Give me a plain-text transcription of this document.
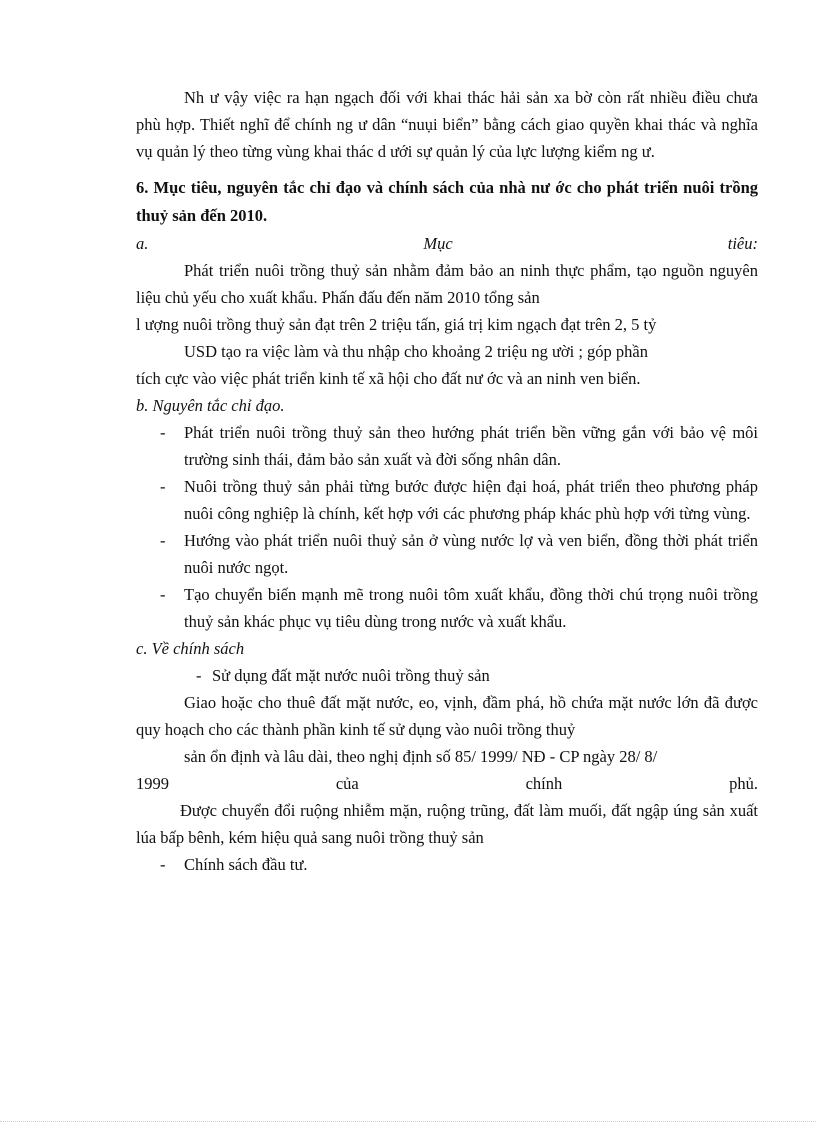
Nh ư vậy việc ra hạn ngạch đối với khai thác hải sản xa bờ còn rất nhiều điều chưa phù hợp. Thiết nghĩ để chính ng ư dân “nuụi biển” bằng cách giao quyền khai thác và nghĩa vụ quản lý theo từng vùng khai thác d ưới sự quản lý của lực lượng kiểm ng ư.

6. Mục tiêu, nguyên tắc chỉ đạo và chính sách của nhà nư ớc cho phát triển nuôi trồng thuỷ sản đến 2010.

a. Mục tiêu:

Phát triển nuôi trồng thuỷ sản nhằm đảm bảo an ninh thực phẩm, tạo nguồn nguyên liệu chủ yếu cho xuất khẩu. Phấn đấu đến năm 2010 tổng sản

l ượng nuôi trồng thuỷ sản đạt trên 2 triệu tấn, giá trị kim ngạch đạt trên 2, 5 tỷ
USD tạo ra việc làm và thu nhập cho khoảng 2 triệu ng ười ; góp phần
tích cực vào việc phát triển kinh tế xã hội cho đất nư ớc và an ninh ven biển.
b. Nguyên tắc chỉ đạo.
- Phát triển nuôi trồng thuỷ sản theo hướng phát triển bền vững gắn với bảo vệ môi trường sinh thái, đảm bảo sản xuất và đời sống nhân dân.
- Nuôi trồng thuỷ sản phải từng bước được hiện đại hoá, phát triển theo phương pháp nuôi công nghiệp là chính, kết hợp với các phương pháp khác phù hợp với từng vùng.
- Hướng vào phát triển nuôi thuỷ sản ở vùng nước lợ và ven biển, đồng thời phát triển nuôi nước ngọt.
- Tạo chuyển biến mạnh mẽ trong nuôi tôm xuất khẩu, đồng thời chú trọng nuôi trồng thuỷ sản khác phục vụ tiêu dùng trong nước và xuất khẩu.
c. Về chính sách
- Sử dụng đất mặt nước nuôi trồng thuỷ sản

Giao hoặc cho thuê đất mặt nước, eo, vịnh, đầm phá, hồ chứa mặt nước lớn đã được quy hoạch cho các thành phần kinh tế sử dụng vào nuôi trồng thuỷ

sản ổn định và lâu dài, theo nghị định số 85/ 1999/ NĐ - CP ngày 28/ 8/
1999 của chính phủ.

Được chuyển đổi ruộng nhiễm mặn, ruộng trũng, đất làm muối, đất ngập úng sản xuất lúa bấp bênh, kém hiệu quả sang nuôi trồng thuỷ sản

- Chính sách đầu tư.
